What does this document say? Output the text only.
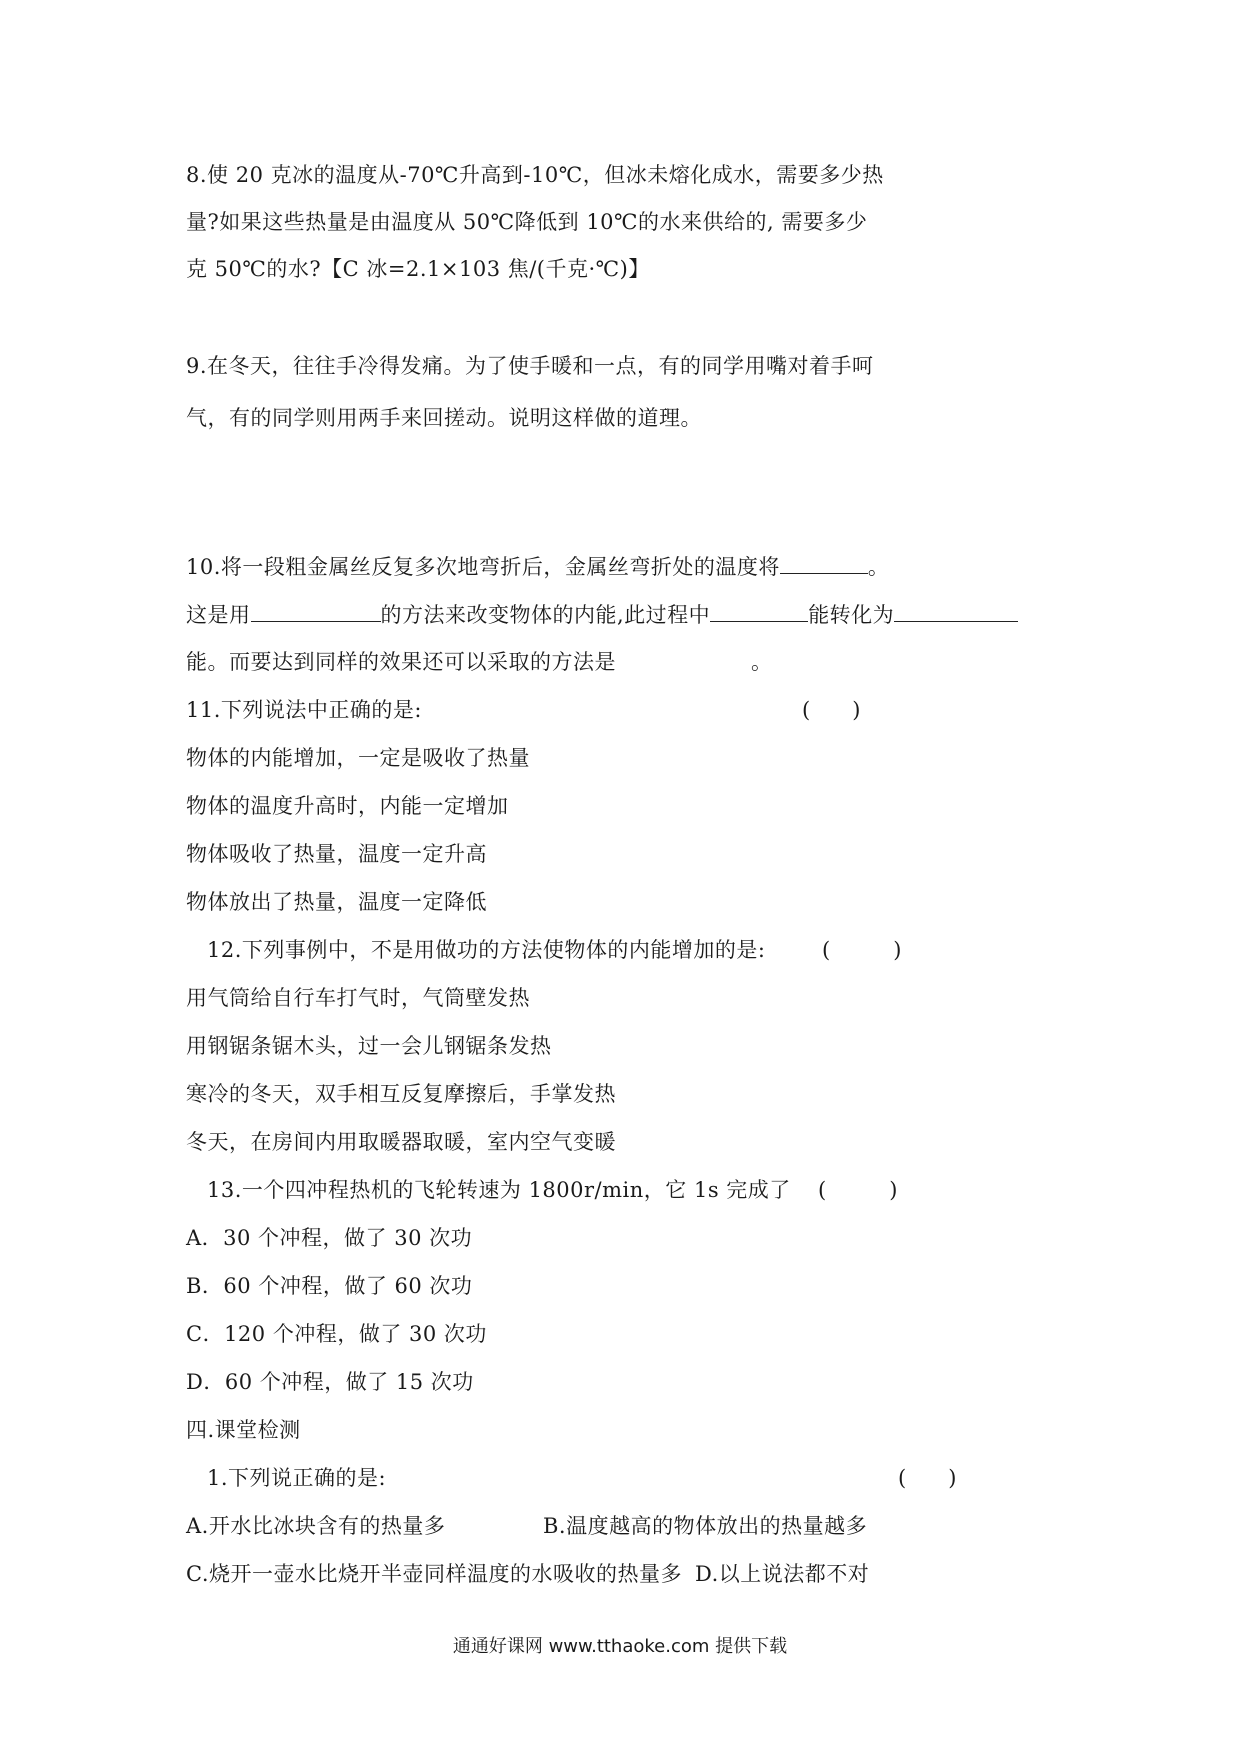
8.使 20 克冰的温度从-70℃升高到-10℃，但冰未熔化成水，需要多少热
量?如果这些热量是由温度从 50℃降低到 10℃的水来供给的, 需要多少
克 50℃的水?【C 冰=2.1×103 焦/(千克·℃)】
9.在冬天，往往手冷得发痛。为了使手暖和一点，有的同学用嘴对着手呵
气，有的同学则用两手来回搓动。说明这样做的道理。
10.将一段粗金属丝反复多次地弯折后，金属丝弯折处的温度将	。
这是用	的方法来改变物体的内能,此过程中	能转化为
能。而要达到同样的效果还可以采取的方法是	。
11.下列说法中正确的是:	(　　)
物体的内能增加，一定是吸收了热量
物体的温度升高时，内能一定增加
物体吸收了热量，温度一定升高
物体放出了热量，温度一定降低
12.下列事例中，不是用做功的方法使物体的内能增加的是:	(　　　)
用气筒给自行车打气时，气筒壁发热
用钢锯条锯木头，过一会儿钢锯条发热
寒冷的冬天，双手相互反复摩擦后，手掌发热
冬天，在房间内用取暖器取暖，室内空气变暖
13.一个四冲程热机的飞轮转速为 1800r/min，它 1s 完成了 (　　　)
A．30 个冲程，做了 30 次功
B．60 个冲程，做了 60 次功
C．120 个冲程，做了 30 次功
D．60 个冲程，做了 15 次功
四.课堂检测
1.下列说正确的是:	(　　)
A.开水比冰块含有的热量多	B.温度越高的物体放出的热量越多
C.烧开一壶水比烧开半壶同样温度的水吸收的热量多 D.以上说法都不对
通通好课网 www.tthaoke.com 提供下载
